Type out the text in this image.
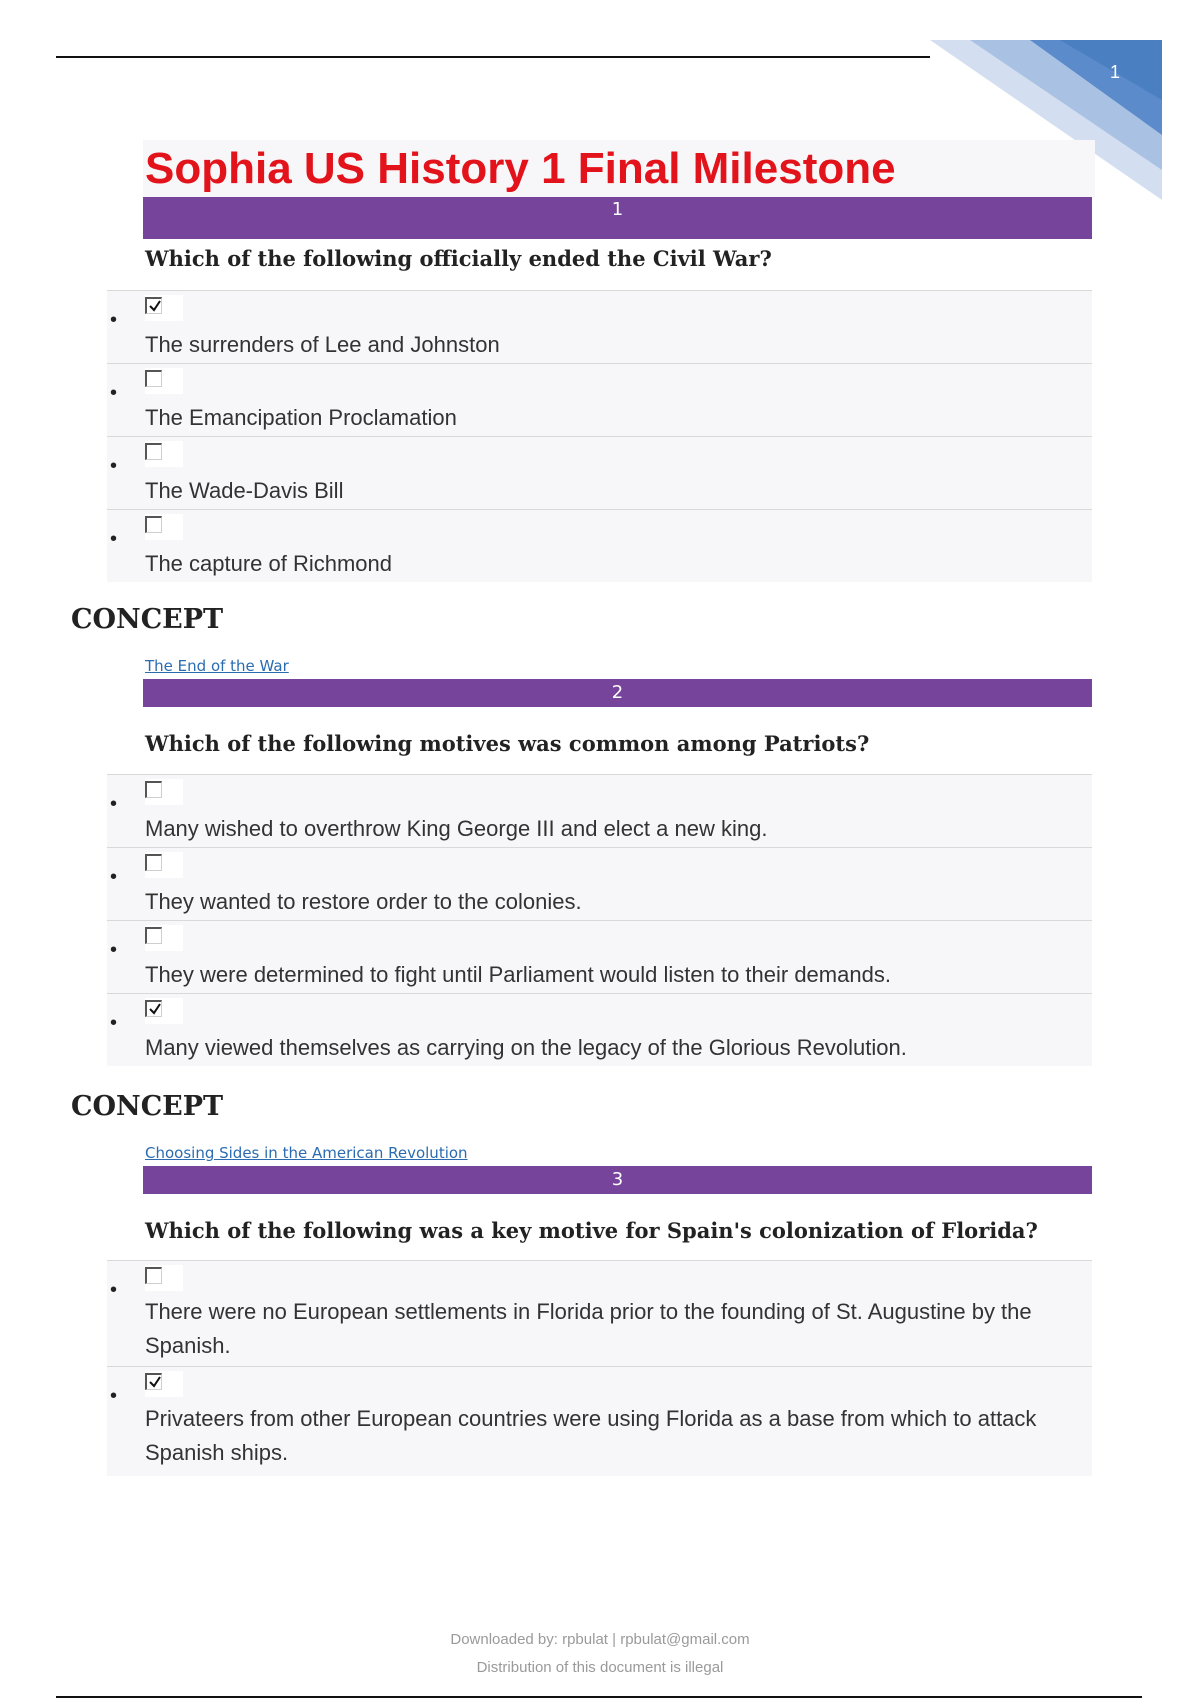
1
Sophia US History 1 Final Milestone
1

Which of the following officially ended the Civil War?

•
The surrenders of Lee and Johnston
•
The Emancipation Proclamation
•
The Wade-Davis Bill
•
The capture of Richmond
CONCEPT
The End of the War
2

Which of the following motives was common among Patriots?

•
Many wished to overthrow King George III and elect a new king.
•
They wanted to restore order to the colonies.
•
They were determined to fight until Parliament would listen to their demands.
•
Many viewed themselves as carrying on the legacy of the Glorious Revolution.
CONCEPT
Choosing Sides in the American Revolution
3

Which of the following was a key motive for Spain's colonization of Florida?

•
There were no European settlements in Florida prior to the founding of St. Augustine by the Spanish.
•
Privateers from other European countries were using Florida as a base from which to attack Spanish ships.
Downloaded by: rpbulat | rpbulat@gmail.com
Distribution of this document is illegal
